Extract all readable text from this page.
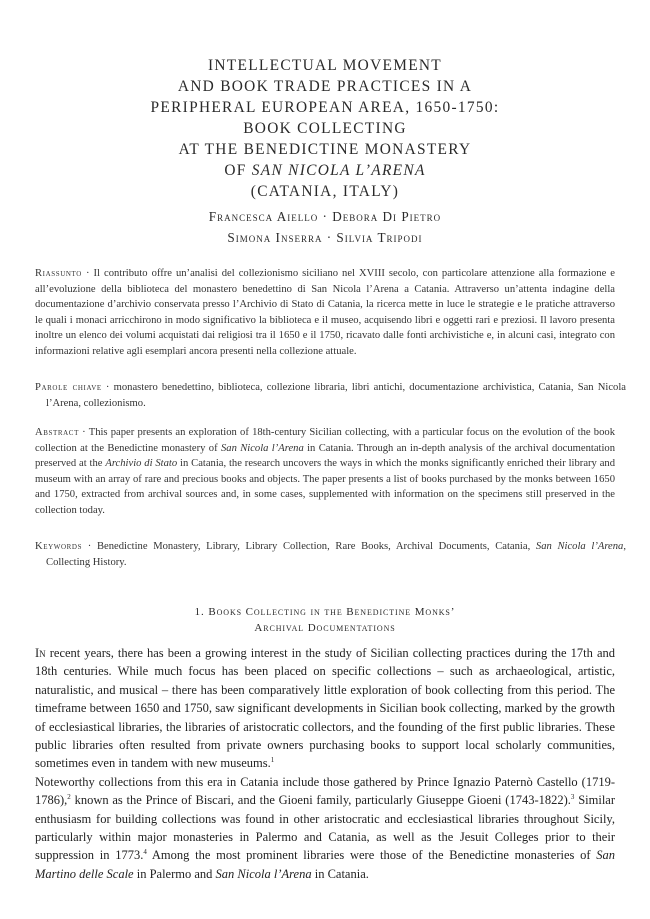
INTELLECTUAL MOVEMENT
AND BOOK TRADE PRACTICES IN A
PERIPHERAL EUROPEAN AREA, 1650-1750:
BOOK COLLECTING
AT THE BENEDICTINE MONASTERY
OF SAN NICOLA L’ARENA
(CATANIA, ITALY)
Francesca Aiello · Debora Di Pietro
Simona Inserra · Silvia Tripodi
Riassunto · Il contributo offre un’analisi del collezionismo siciliano nel XVIII secolo, con particolare attenzione alla formazione e all’evoluzione della biblioteca del monastero benedettino di San Nicola l’Arena a Catania. Attraverso un’attenta indagine della documentazione d’archivio conservata presso l’Archivio di Stato di Catania, la ricerca mette in luce le strategie e le pratiche attraverso le quali i monaci arricchirono in modo significativo la biblioteca e il museo, acquisendo libri e oggetti rari e preziosi. Il lavoro presenta inoltre un elenco dei volumi acquistati dai religiosi tra il 1650 e il 1750, ricavato dalle fonti archivistiche e, in alcuni casi, integrato con informazioni relative agli esemplari ancora presenti nella collezione attuale.
Parole chiave · monastero benedettino, biblioteca, collezione libraria, libri antichi, documentazione archivistica, Catania, San Nicola l’Arena, collezionismo.
Abstract · This paper presents an exploration of 18th-century Sicilian collecting, with a particular focus on the evolution of the book collection at the Benedictine monastery of San Nicola l’Arena in Catania. Through an in-depth analysis of the archival documentation preserved at the Archivio di Stato in Catania, the research uncovers the ways in which the monks significantly enriched their library and museum with an array of rare and precious books and objects. The paper presents a list of books purchased by the monks between 1650 and 1750, extracted from archival sources and, in some cases, supplemented with information on the specimens still preserved in the collection today.
Keywords · Benedictine Monastery, Library, Library Collection, Rare Books, Archival Documents, Catania, San Nicola l’Arena, Collecting History.
1. Books Collecting in the Benedictine Monks’
Archival Documentations

In recent years, there has been a growing interest in the study of Sicilian collecting practices during the 17th and 18th centuries. While much focus has been placed on specific collections – such as archaeological, artistic, naturalistic, and musical – there has been comparatively little exploration of book collecting from this period. The timeframe between 1650 and 1750, saw significant developments in Sicilian book collecting, marked by the growth of ecclesiastical libraries, the libraries of aristocratic collectors, and the founding of the first public libraries. These public libraries often resulted from private owners purchasing books to support local scholarly communities, sometimes even in tandem with new museums.$^1$

Noteworthy collections from this era in Catania include those gathered by Prince Ignazio Paternò Castello (1719-1786),$^2$ known as the Prince of Biscari, and the Gioeni family, particularly Giuseppe Gioeni (1743-1822).$^3$ Similar enthusiasm for building collections was found in other aristocratic and ecclesiastical libraries throughout Sicily, particularly within major monasteries in Palermo and Catania, as well as the Jesuit Colleges prior to their suppression in 1773.$^4$ Among the most prominent libraries were those of the Benedictine monasteries of San Martino delle Scale in Palermo and San Nicola l’Arena in Catania.
